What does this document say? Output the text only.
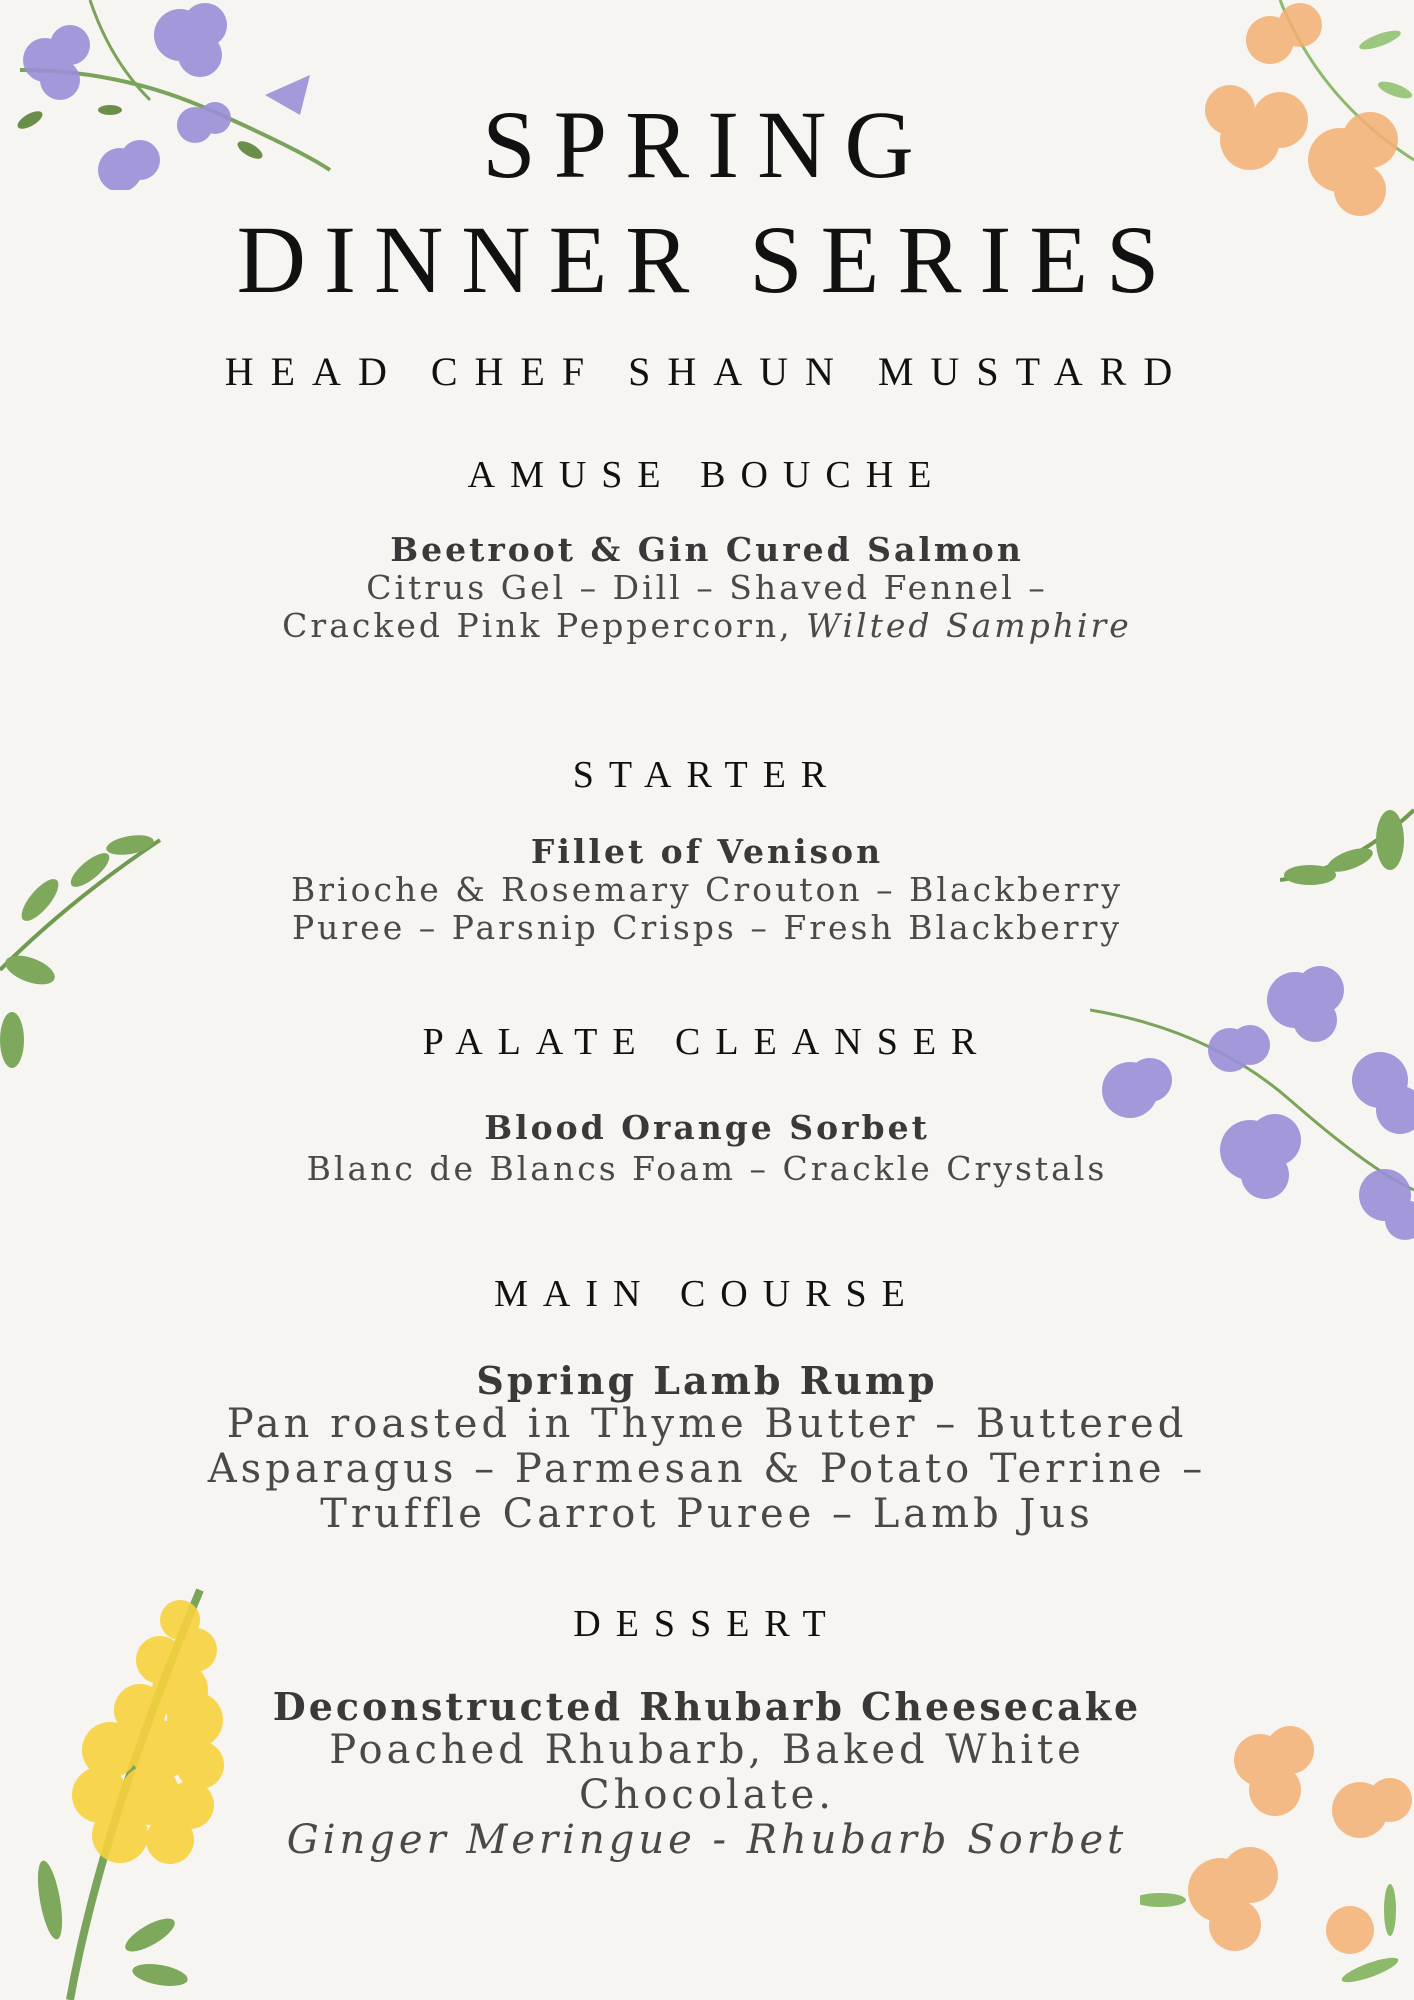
SPRING
DINNER SERIES
HEAD CHEF SHAUN MUSTARD
AMUSE BOUCHE
Beetroot & Gin Cured Salmon
Citrus Gel – Dill – Shaved Fennel –
Cracked Pink Peppercorn, Wilted Samphire
STARTER
Fillet of Venison
Brioche & Rosemary Crouton – Blackberry
Puree – Parsnip Crisps – Fresh Blackberry
PALATE CLEANSER
Blood Orange Sorbet
Blanc de Blancs Foam – Crackle Crystals
MAIN COURSE
Spring Lamb Rump
Pan roasted in Thyme Butter – Buttered
Asparagus – Parmesan & Potato Terrine –
Truffle Carrot Puree – Lamb Jus
DESSERT
Deconstructed Rhubarb Cheesecake
Poached Rhubarb, Baked White
Chocolate.
Ginger Meringue - Rhubarb Sorbet
